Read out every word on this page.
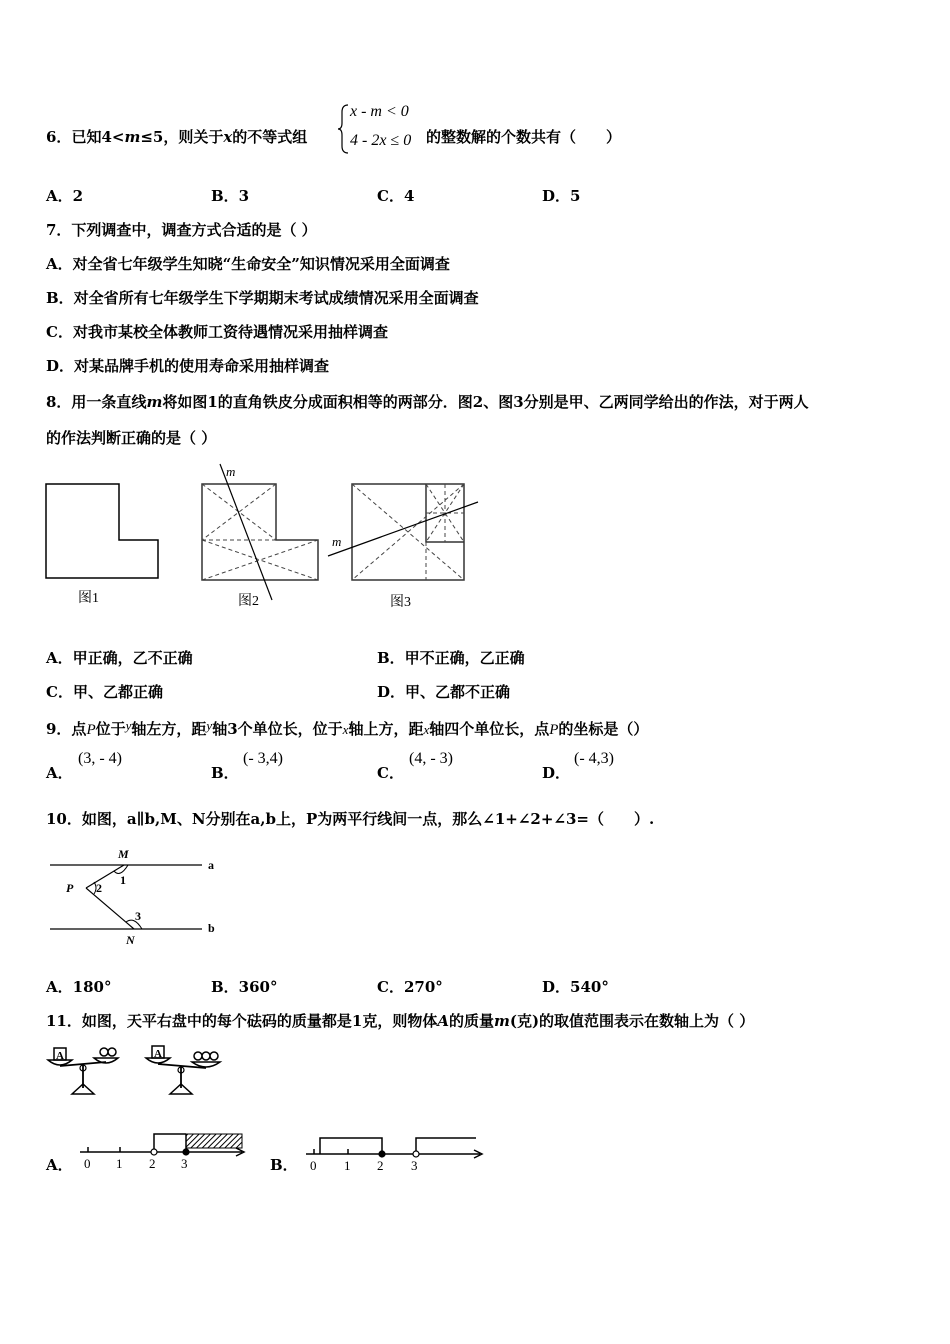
6．已知4<m≤5，则关于x的不等式组
x - m < 0
4 - 2x ≤ 0 的整数解的个数共有（　　）
A．2	B．3	C．4	D．5
7．下列调查中，调查方式合适的是（ ）
A．对全省七年级学生知晓“生命安全”知识情况采用全面调查
B．对全省所有七年级学生下学期期末考试成绩情况采用全面调查
C．对我市某校全体教师工资待遇情况采用抽样调查
D．对某品牌手机的使用寿命采用抽样调查
8．用一条直线m将如图1的直角铁皮分成面积相等的两部分．图2、图3分别是甲、乙两同学给出的作法，对于两人
的作法判断正确的是（ ）
图1
m
图2
m
图3
A．甲正确，乙不正确	B．甲不正确，乙正确
C．甲、乙都正确	D．甲、乙都不正确
9．点P位于y轴左方，距y轴3个单位长，位于x轴上方，距x轴四个单位长，点P的坐标是（）
A．
(3, - 4)
B．
(- 3,4)
C．
(4, - 3)
D．
(- 4,3)
10．如图，a∥b,M、N分别在a,b上，P为两平行线间一点，那么∠1+∠2+∠3=（　　）.
M
1
P 2
3
N
a
b
A．180°	B．360°	C．270°	D．540°
11．如图，天平右盘中的每个砝码的质量都是1克，则物体A的质量m(克)的取值范围表示在数轴上为（ ）
A	A
A． 0 1 2 3	B． 0 1 2 3
